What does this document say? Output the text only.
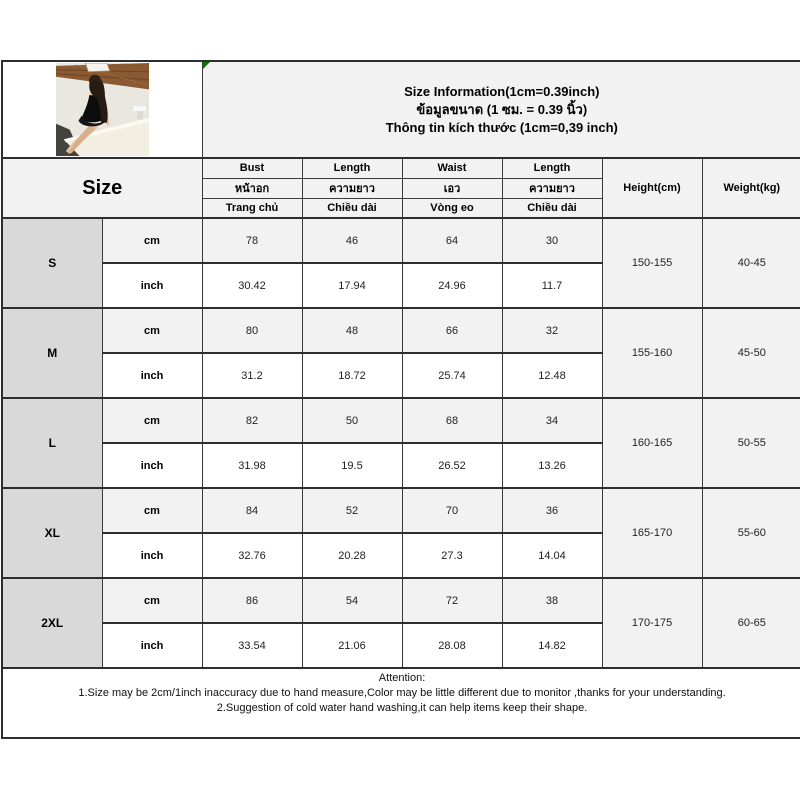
Size Information(1cm=0.39inch)
ข้อมูลขนาด (1 ซม. = 0.39 นิ้ว)
Thông tin kích thước (1cm=0,39 inch)					

Size		Bust	Length	Waist	Length	Height(cm)	Weight(kg)
		หน้าอก	ความยาว	เอว	ความยาว		
		Trang chủ	Chiều dài	Vòng eo	Chiều dài		
S	cm	78	46	64	30	150-155	40-45
	inch	30.42	17.94	24.96	11.7		
M	cm	80	48	66	32	155-160	45-50
	inch	31.2	18.72	25.74	12.48		
L	cm	82	50	68	34	160-165	50-55
	inch	31.98	19.5	26.52	13.26		
XL	cm	84	52	70	36	165-170	55-60
	inch	32.76	20.28	27.3	14.04		
2XL	cm	86	54	72	38	170-175	60-65
	inch	33.54	21.06	28.08	14.82		

Attention:
1.Size may be 2cm/1inch inaccuracy due to hand measure,Color may be little different due to monitor ,thanks for your understanding.
2.Suggestion of cold water hand washing,it can help items keep their shape.							
